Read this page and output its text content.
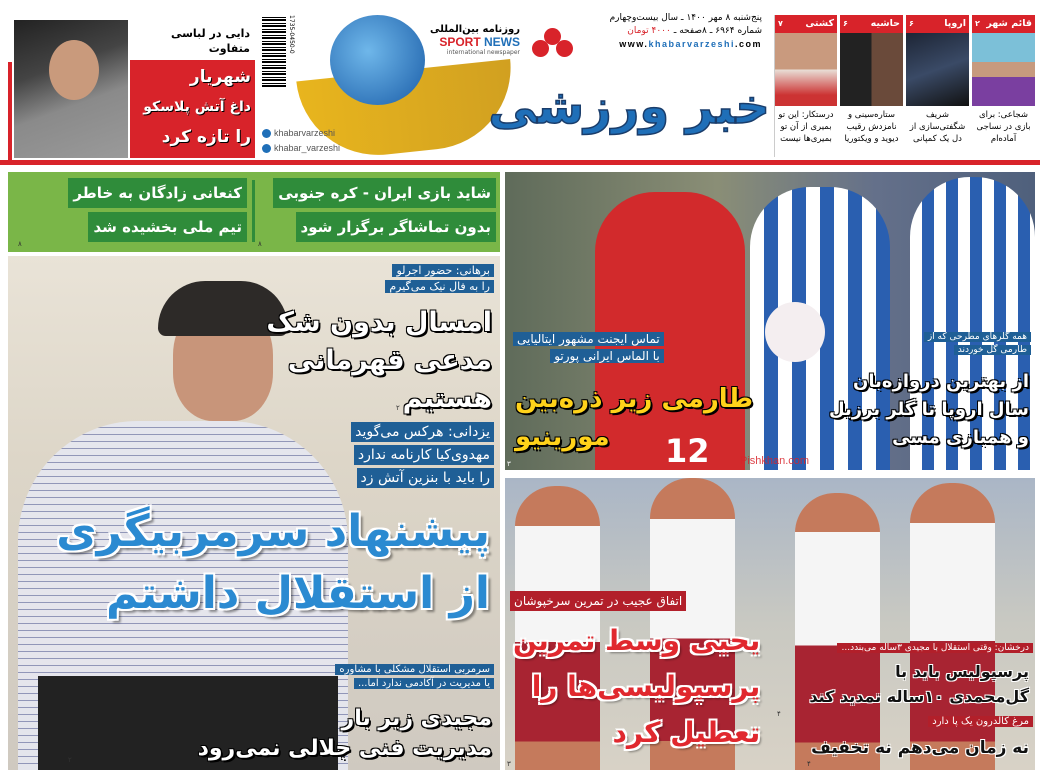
دایی در لباسی متفاوت
شهریار
داغ آتش پلاسکو
را تازه کرد
1735-0450-0	روزنامه بین‌المللی
SPORT NEWS
international newspaper
khabarvarzeshi
khabar_varzeshi
خبر ورزشی
پنج‌شنبه ۸ مهر ۱۴۰۰ ـ سال بیست‌وچهارم
شماره ۶۹۶۴ ـ ۸صفحه ـ ۴۰۰۰ تومان
www.khabarvarzeshi.com
قائم شهر
۲
شجاعی: برای بازی در نساجی آماده‌ام
اروپا
۶
شریف شگفتی‌سازی از دل یک کمپانی
حاشیه
۶
ستاره‌سینی و نامزدش رقیب دیوید و ویکتوریا
کشتی
۷
درستکار: این تو بمیری از آن تو بمیری‌ها نیست
شاید بازی ایران - کره جنوبی
بدون تماشاگر برگزار شود
کنعانی زادگان به خاطر
تیم ملی بخشیده شد
۸
۸
برهانی: حضور اجرلو
را به فال نیک می‌گیرم
امسال بدون شک
مدعی قهرمانی
هستیم
۲
یزدانی: هرکس می‌گوید
مهدوی‌کیا کارنامه ندارد
را باید با بنزین آتش زد
پیشنهاد سرمربیگری
از استقلال داشتم
سرمربی استقلال مشکلی با مشاوره
یا مدیریت در آکادمی ندارد اما...
مجیدی زیر بار
مدیریت فنی جلالی نمی‌رود
۲
12
تماس ایجنت مشهور ایتالیایی
با الماس ایرانی پورتو
طارمی زیر ذره‌بین
مورینیو
۳
همه گلرهای مطرحی که از
طارمی گل خوردند
از بهترین دروازه‌بان
سال اروپا تا گلر برزیل
و همبازی مسی
۶
Pishkhan.com
اتفاق عجیب در تمرین سرخپوشان
یحیی وسط تمرین
پرسپولیسی‌ها را
تعطیل کرد
۳
درخشان: وقتی استقلال با مجیدی ۳ساله می‌بندد...
پرسپولیس باید با
گل‌محمدی ۱۰ساله تمدید کند
۴
مرغ کالدرون یک پا دارد
نه زمان می‌دهم نه تخفیف
۴
